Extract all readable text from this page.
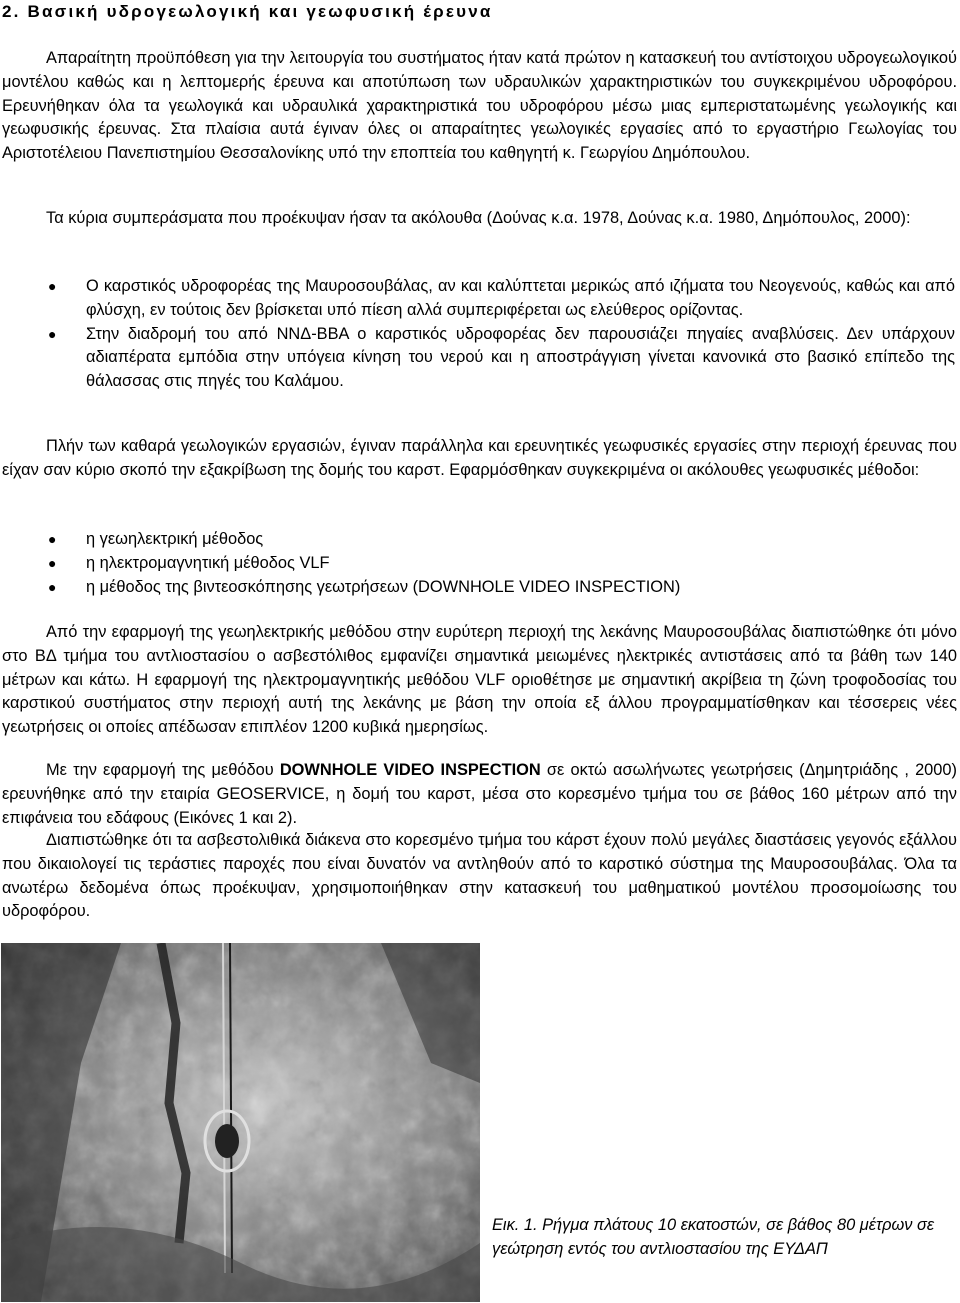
2. Βασική υδρογεωλογική και γεωφυσική έρευνα

Απαραίτητη προϋπόθεση για την λειτουργία του συστήματος ήταν κατά πρώτον η κατασκευή του αντίστοιχου υδρογεωλογικού μοντέλου καθώς και η λεπτομερής έρευνα και αποτύπωση των υδραυλικών χαρακτηριστικών του συγκεκριμένου υδροφόρου. Ερευνήθηκαν όλα τα γεωλογικά και υδραυλικά χαρακτηριστικά του υδροφόρου μέσω μιας εμπεριστατωμένης γεωλογικής και γεωφυσικής έρευνας. Στα πλαίσια αυτά έγιναν όλες οι απαραίτητες γεωλογικές εργασίες από το εργαστήριο Γεωλογίας του Αριστοτέλειου Πανεπιστημίου Θεσσαλονίκης υπό την εποπτεία του καθηγητή κ. Γεωργίου Δημόπουλου.

Τα κύρια συμπεράσματα που προέκυψαν ήσαν τα ακόλουθα (Δούνας κ.α. 1978, Δούνας κ.α. 1980, Δημόπουλος, 2000):

● Ο καρστικός υδροφορέας της Μαυροσουβάλας, αν και καλύπτεται μερικώς από ιζήματα του Νεογενούς, καθώς και από φλύσχη, εν τούτοις δεν βρίσκεται υπό πίεση αλλά συμπεριφέρεται ως ελεύθερος ορίζοντας.
● Στην διαδρομή του από ΝΝΔ-ΒΒΑ ο καρστικός υδροφορέας δεν παρουσιάζει πηγαίες αναβλύσεις. Δεν υπάρχουν αδιαπέρατα εμπόδια στην υπόγεια κίνηση του νερού και η αποστράγγιση γίνεται κανονικά στο βασικό επίπεδο της θάλασσας στις πηγές του Καλάμου.

Πλήν των καθαρά γεωλογικών εργασιών, έγιναν παράλληλα και ερευνητικές γεωφυσικές εργασίες στην περιοχή έρευνας που είχαν σαν κύριο σκοπό την εξακρίβωση της δομής του καρστ. Εφαρμόσθηκαν συγκεκριμένα οι ακόλουθες γεωφυσικές μέθοδοι:

● η γεωηλεκτρική μέθοδος
● η ηλεκτρομαγνητική μέθοδος VLF
● η μέθοδος της βιντεοσκόπησης γεωτρήσεων (DOWNHOLE VIDEO INSPECTION)

Από την εφαρμογή της γεωηλεκτρικής μεθόδου στην ευρύτερη περιοχή της λεκάνης Μαυροσουβάλας διαπιστώθηκε ότι μόνο στο ΒΔ τμήμα του αντλιοστασίου ο ασβεστόλιθος εμφανίζει σημαντικά μειωμένες ηλεκτρικές αντιστάσεις από τα βάθη των 140 μέτρων και κάτω. Η εφαρμογή της ηλεκτρομαγνητικής μεθόδου VLF οριοθέτησε με σημαντική ακρίβεια τη ζώνη τροφοδοσίας του καρστικού συστήματος στην περιοχή αυτή της λεκάνης με βάση την οποία εξ άλλου προγραμματίσθηκαν και τέσσερεις νέες γεωτρήσεις οι οποίες απέδωσαν επιπλέον 1200 κυβικά ημερησίως.

Με την εφαρμογή της μεθόδου DOWNHOLE VIDEO INSPECTION σε οκτώ ασωλήνωτες γεωτρήσεις (Δημητριάδης , 2000) ερευνήθηκε από την εταιρία GEOSERVICE, η δομή του καρστ, μέσα στο κορεσμένο τμήμα του σε βάθος 160 μέτρων από την επιφάνεια του εδάφους (Εικόνες 1 και 2).

Διαπιστώθηκε ότι τα ασβεστολιθικά διάκενα στο κορεσμένο τμήμα του κάρστ έχουν πολύ μεγάλες διαστάσεις γεγονός εξάλλου που δικαιολογεί τις τεράστιες παροχές που είναι δυνατόν να αντληθούν από το καρστικό σύστημα της Μαυροσουβάλας. Όλα τα ανωτέρω δεδομένα όπως προέκυψαν, χρησιμοποιήθηκαν στην κατασκευή του μαθηματικού μοντέλου προσομοίωσης του υδροφόρου.

Εικ. 1. Ρήγμα πλάτους 10 εκατοστών, σε βάθος 80 μέτρων σε γεώτρηση εντός του αντλιοστασίου της ΕΥΔΑΠ
